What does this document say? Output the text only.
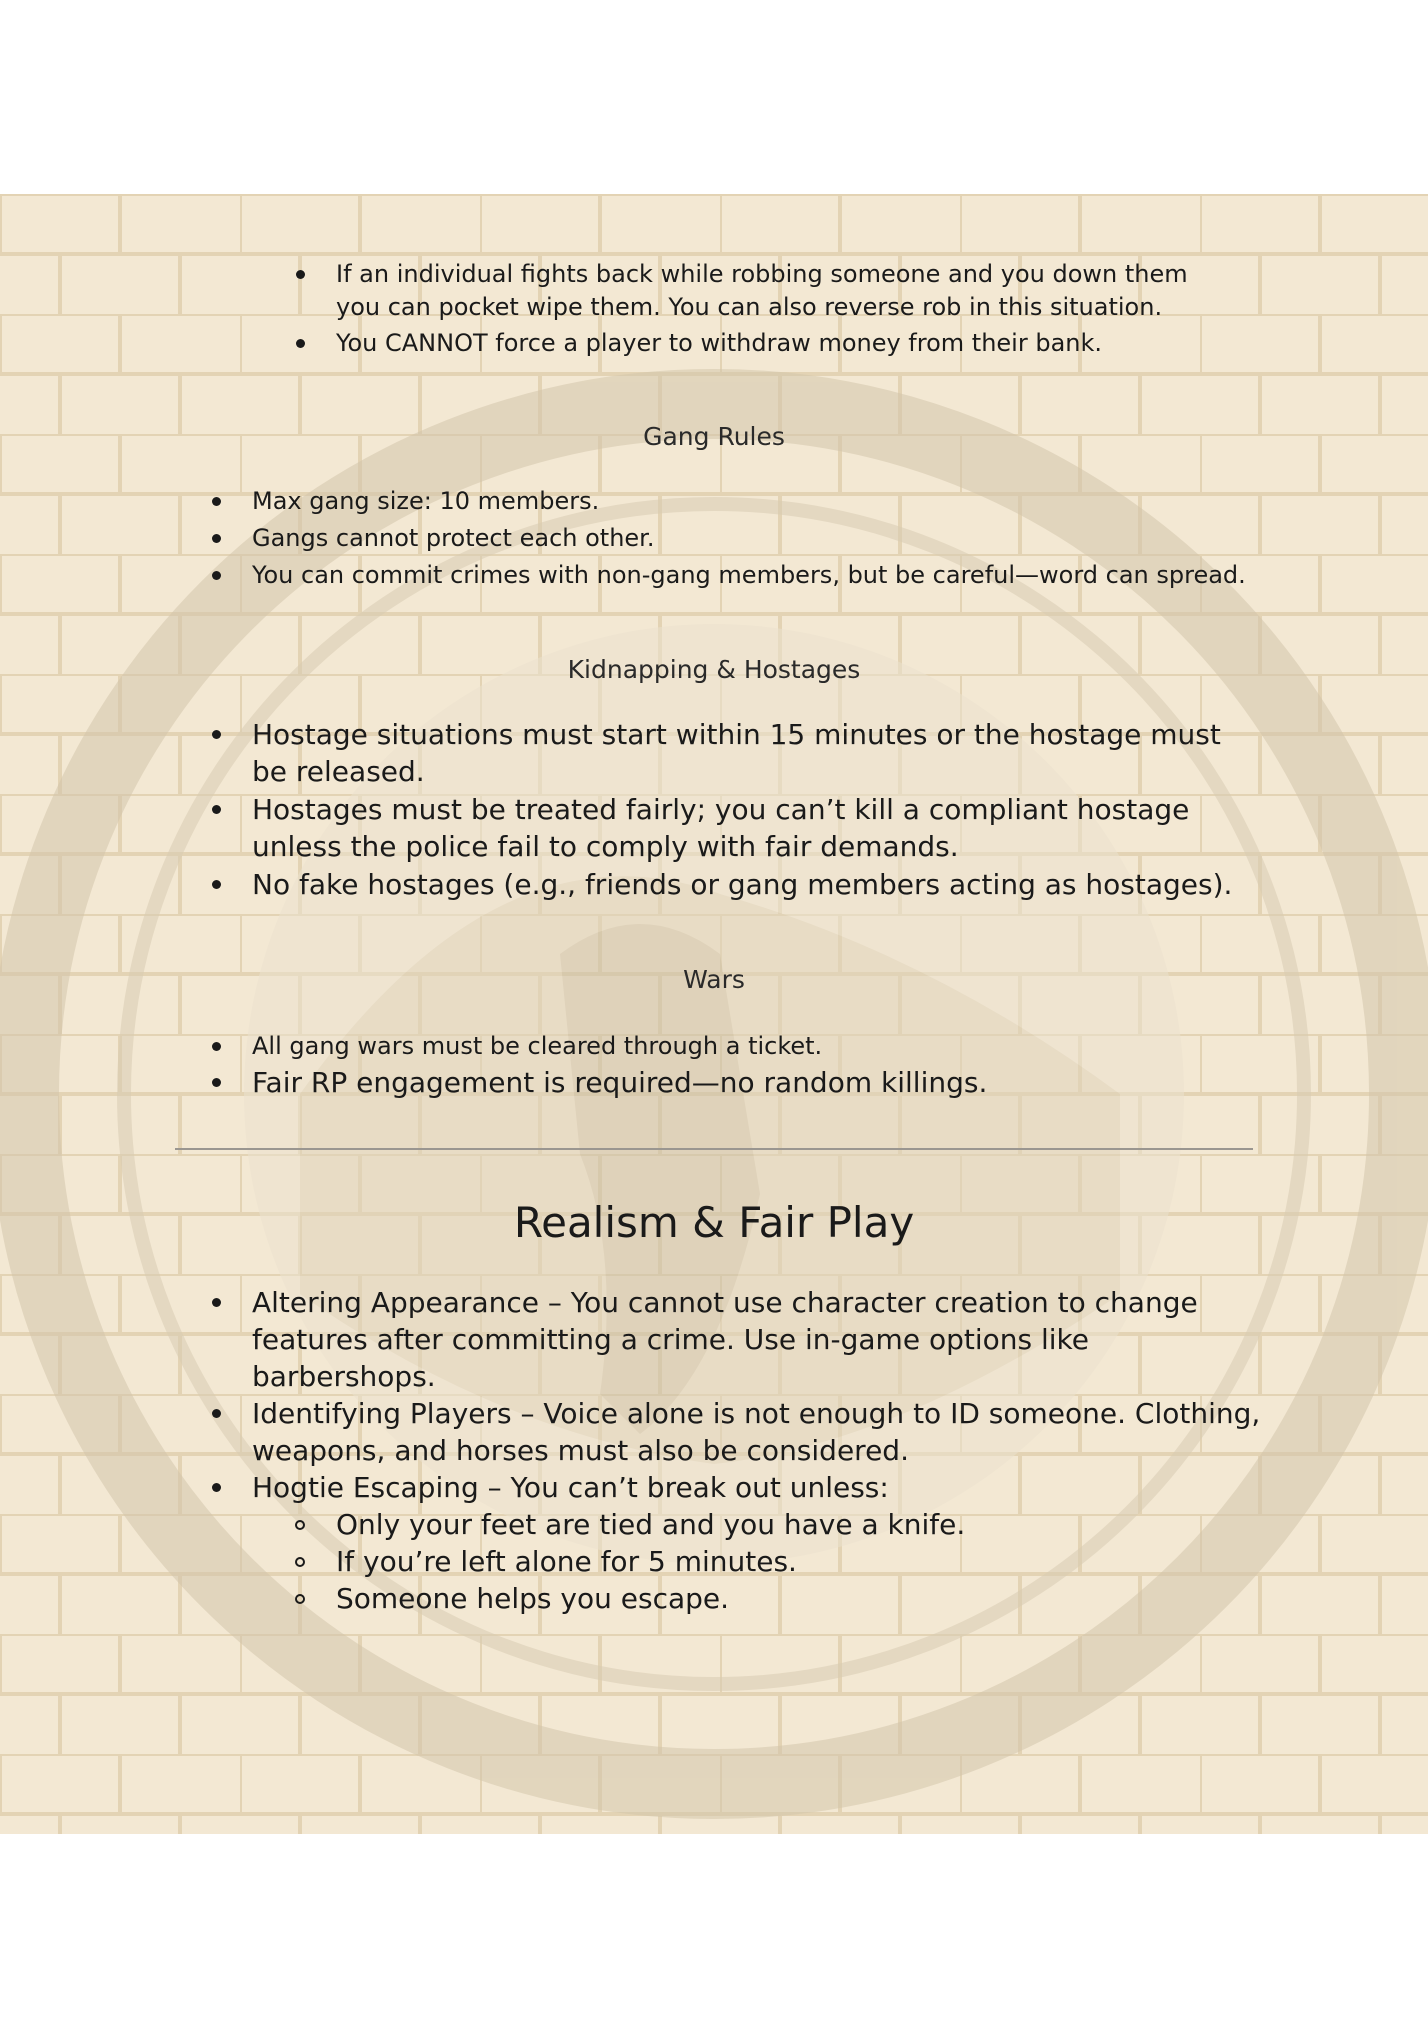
If an individual fights back while robbing someone and you down them you can pocket wipe them. You can also reverse rob in this situation.
You CANNOT force a player to withdraw money from their bank.
Gang Rules
Max gang size: 10 members.
Gangs cannot protect each other.
You can commit crimes with non-gang members, but be careful—word can spread.
Kidnapping & Hostages
Hostage situations must start within 15 minutes or the hostage must be released.
Hostages must be treated fairly; you can’t kill a compliant hostage unless the police fail to comply with fair demands.
No fake hostages (e.g., friends or gang members acting as hostages).
Wars
All gang wars must be cleared through a ticket.
Fair RP engagement is required—no random killings.
Realism & Fair Play
Altering Appearance – You cannot use character creation to change features after committing a crime. Use in-game options like barbershops.
Identifying Players – Voice alone is not enough to ID someone. Clothing, weapons, and horses must also be considered.
Hogtie Escaping – You can’t break out unless:
Only your feet are tied and you have a knife.
If you’re left alone for 5 minutes.
Someone helps you escape.
